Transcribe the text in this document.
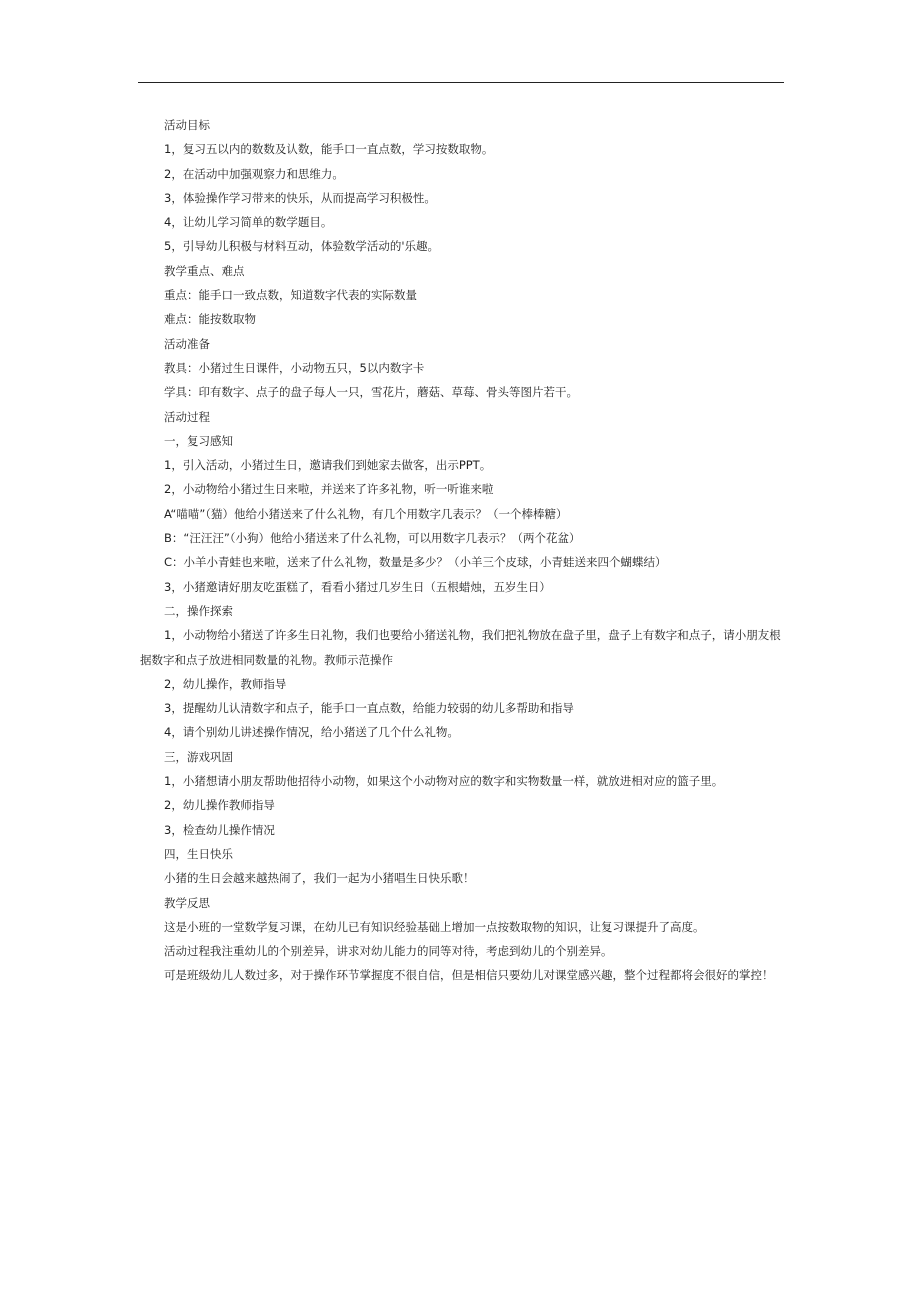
活动目标
1，复习五以内的数数及认数，能手口一直点数，学习按数取物。
2，在活动中加强观察力和思维力。
3，体验操作学习带来的快乐，从而提高学习积极性。
4，让幼儿学习简单的数学题目。
5，引导幼儿积极与材料互动，体验数学活动的'乐趣。
教学重点、难点
重点：能手口一致点数，知道数字代表的实际数量
难点：能按数取物
活动准备
教具：小猪过生日课件，小动物五只，5以内数字卡
学具：印有数字、点子的盘子每人一只，雪花片，蘑菇、草莓、骨头等图片若干。
活动过程
一，复习感知
1，引入活动，小猪过生日，邀请我们到她家去做客，出示PPT。
2，小动物给小猪过生日来啦，并送来了许多礼物，听一听谁来啦
A“喵喵”（猫）他给小猪送来了什么礼物，有几个用数字几表示？（一个棒棒糖）
B：“汪汪汪”（小狗）他给小猪送来了什么礼物，可以用数字几表示？（两个花盆）
C：小羊小青蛙也来啦，送来了什么礼物，数量是多少？（小羊三个皮球，小青蛙送来四个蝴蝶结）
3，小猪邀请好朋友吃蛋糕了，看看小猪过几岁生日（五根蜡烛，五岁生日）
二，操作探索
1，小动物给小猪送了许多生日礼物，我们也要给小猪送礼物，我们把礼物放在盘子里，盘子上有数字和点子，请小朋友根据数字和点子放进相同数量的礼物。教师示范操作
2，幼儿操作，教师指导
3，提醒幼儿认清数字和点子，能手口一直点数，给能力较弱的幼儿多帮助和指导
4，请个别幼儿讲述操作情况，给小猪送了几个什么礼物。
三，游戏巩固
1，小猪想请小朋友帮助他招待小动物，如果这个小动物对应的数字和实物数量一样，就放进相对应的篮子里。
2，幼儿操作教师指导
3，检查幼儿操作情况
四，生日快乐
小猪的生日会越来越热闹了，我们一起为小猪唱生日快乐歌！
教学反思
这是小班的一堂数学复习课，在幼儿已有知识经验基础上增加一点按数取物的知识，让复习课提升了高度。
活动过程我注重幼儿的个别差异，讲求对幼儿能力的同等对待，考虑到幼儿的个别差异。
可是班级幼儿人数过多，对于操作环节掌握度不很自信，但是相信只要幼儿对课堂感兴趣，整个过程都将会很好的掌控！
